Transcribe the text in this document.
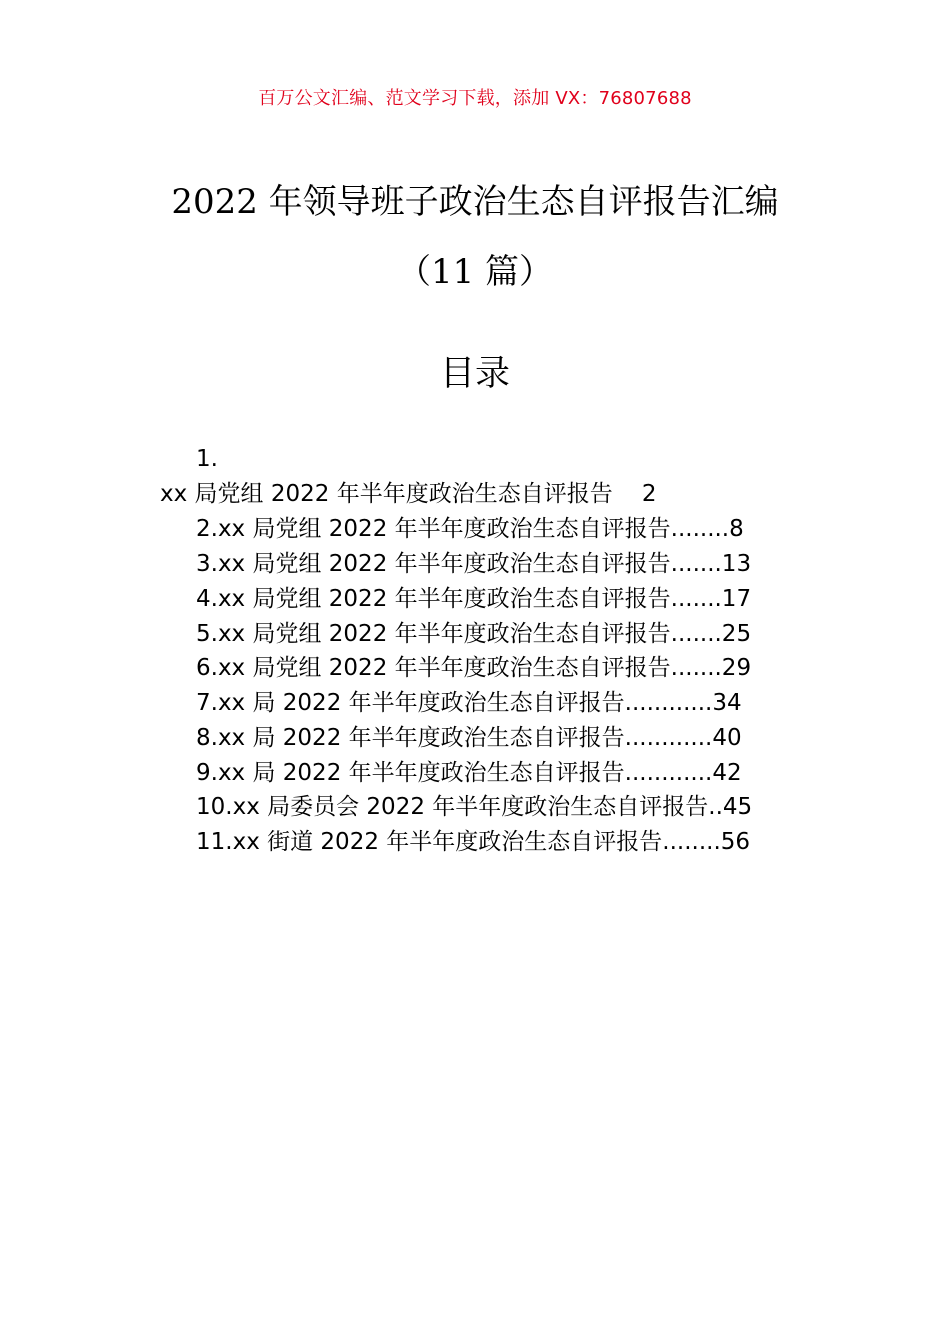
百万公文汇编、范文学习下载，添加 VX：76807688
2022 年领导班子政治生态自评报告汇编
（11 篇）
目录
1.
xx 局党组 2022 年半年度政治生态自评报告    2
2.xx 局党组 2022 年半年度政治生态自评报告........8
3.xx 局党组 2022 年半年度政治生态自评报告.......13
4.xx 局党组 2022 年半年度政治生态自评报告.......17
5.xx 局党组 2022 年半年度政治生态自评报告.......25
6.xx 局党组 2022 年半年度政治生态自评报告.......29
7.xx 局 2022 年半年度政治生态自评报告............34
8.xx 局 2022 年半年度政治生态自评报告............40
9.xx 局 2022 年半年度政治生态自评报告............42
10.xx 局委员会 2022 年半年度政治生态自评报告..45
11.xx 街道 2022 年半年度政治生态自评报告........56
